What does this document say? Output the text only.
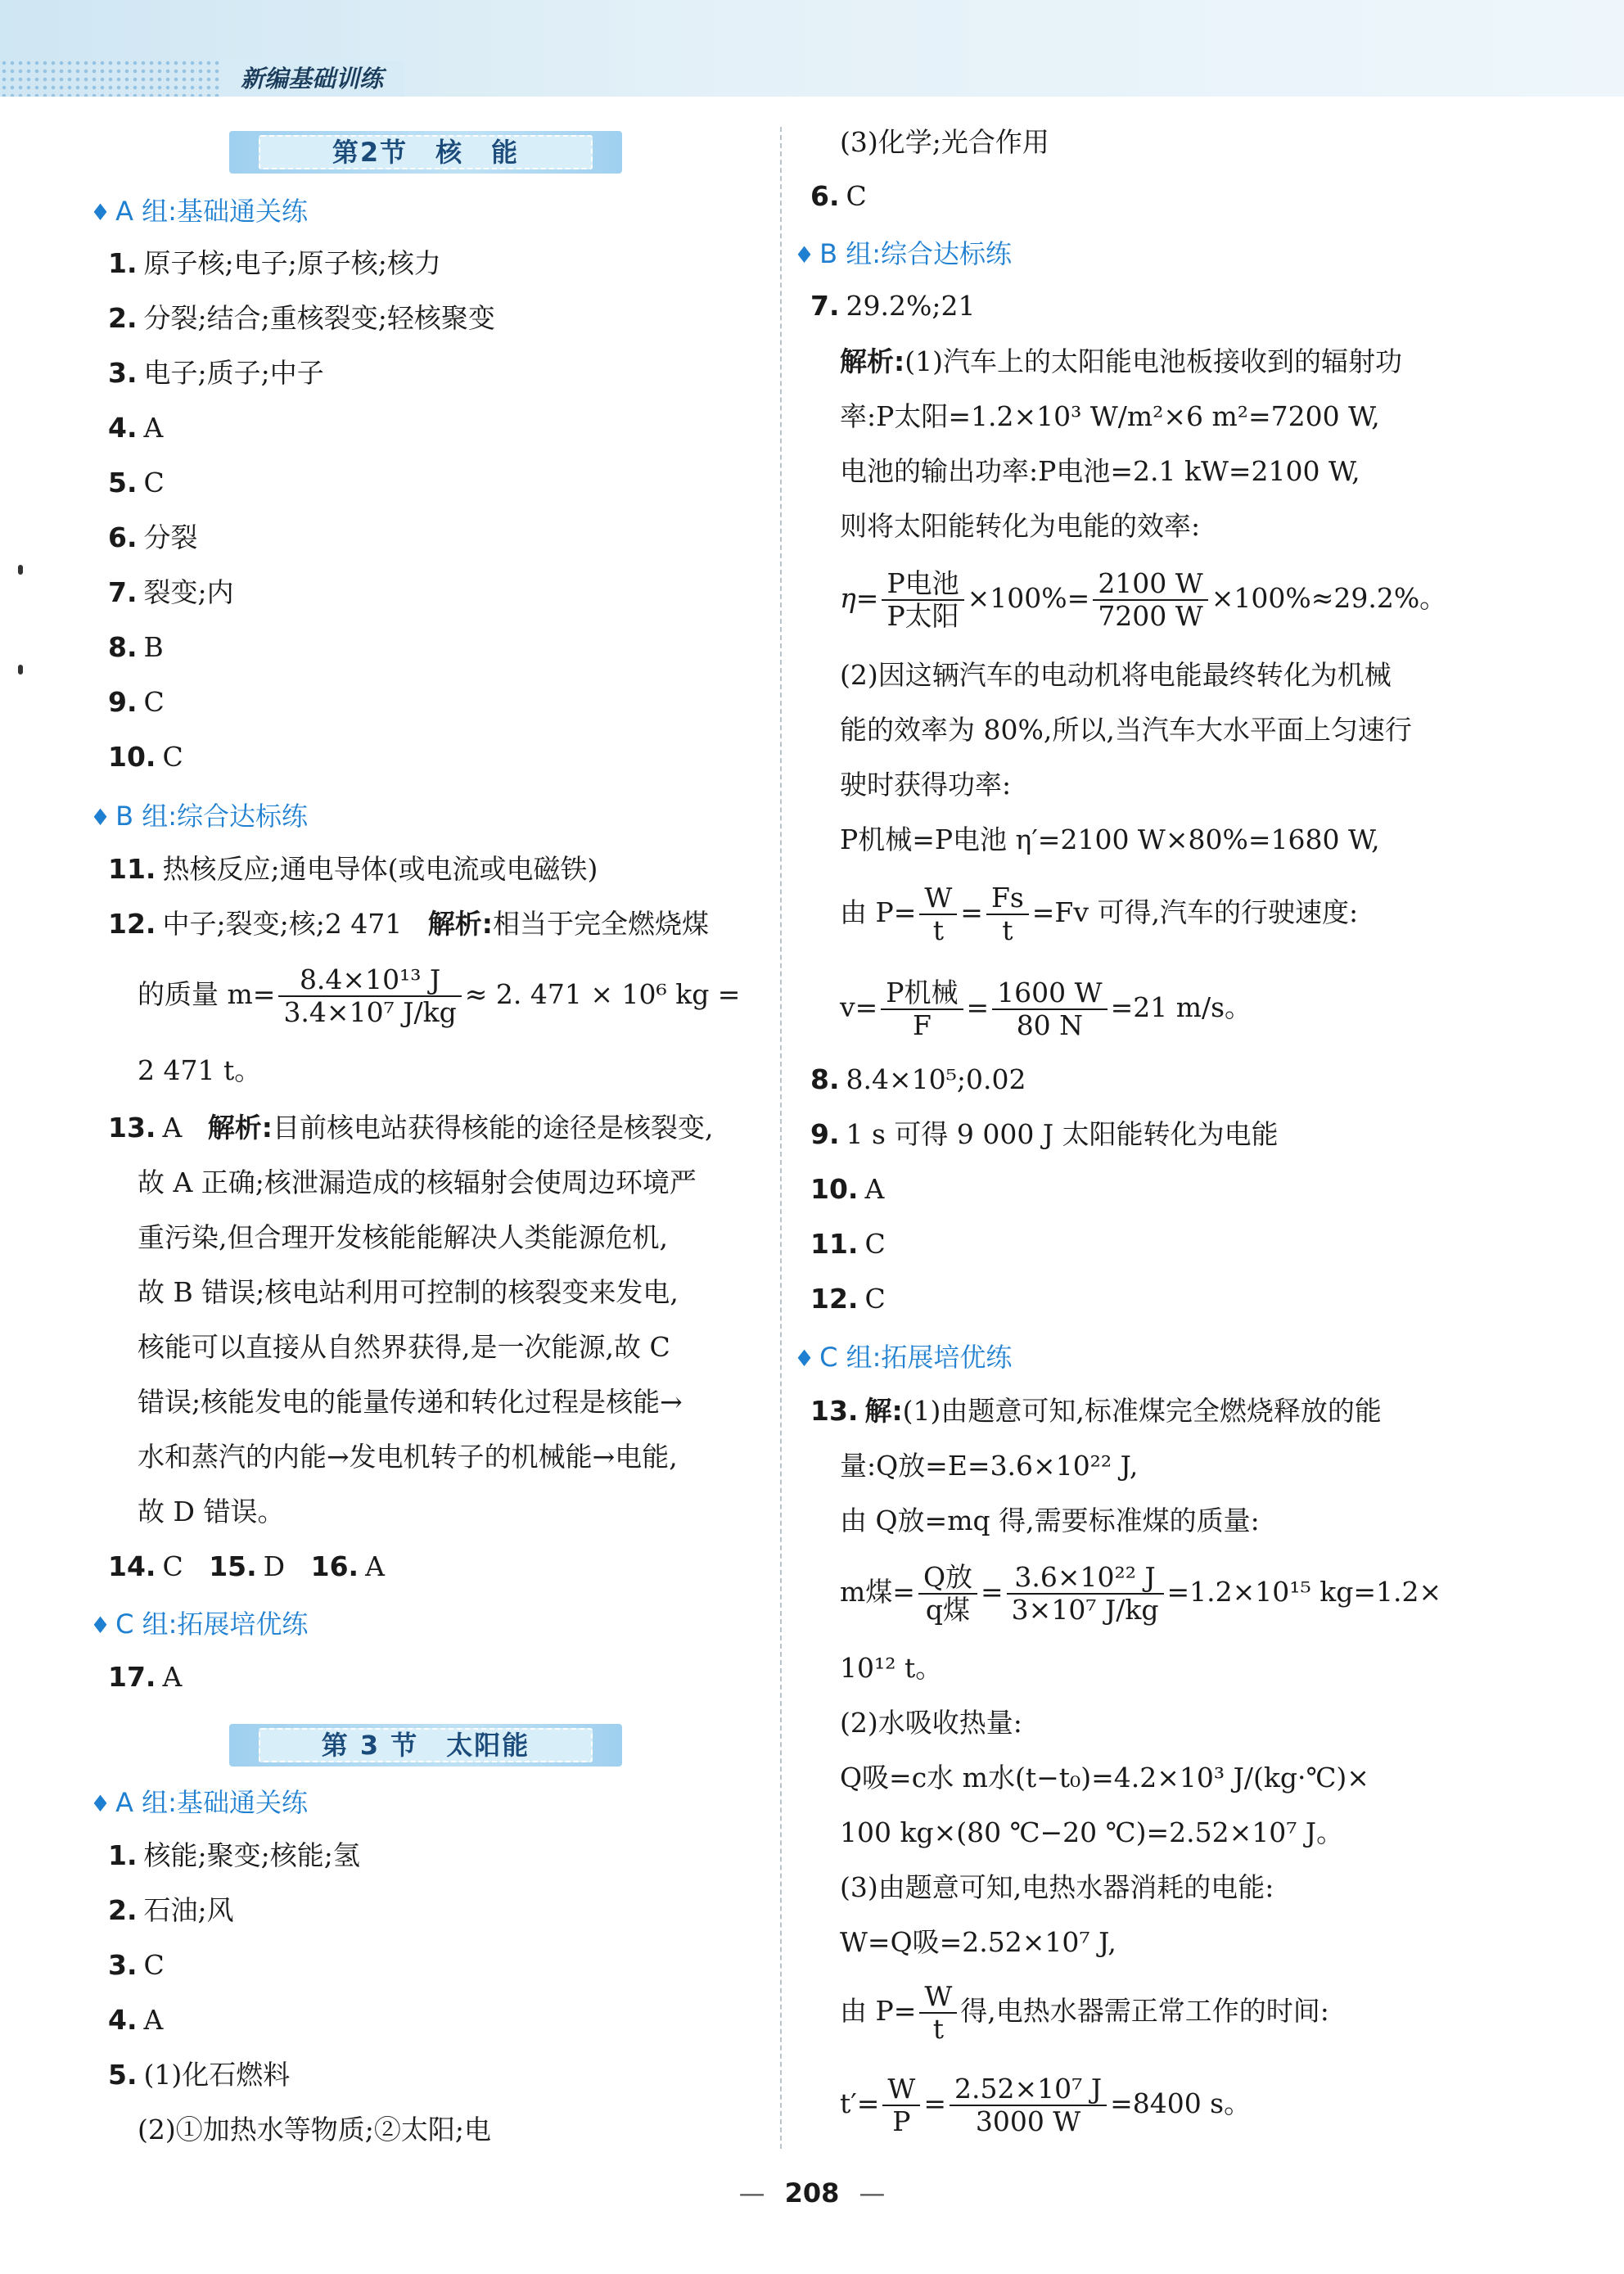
新编基础训练
第2节　核　能
♦ A 组:基础通关练
1. 原子核;电子;原子核;核力
2. 分裂;结合;重核裂变;轻核聚变
3. 电子;质子;中子
4. A
5. C
6. 分裂
7. 裂变;内
8. B
9. C
10. C
♦ B 组:综合达标练
11. 热核反应;通电导体(或电流或电磁铁)
12. 中子;裂变;核;2 471 解析:相当于完全燃烧煤
的质量 $m= \frac{\text{8.4×10¹³ J}}{\text{3.4×10⁷ J/kg}} \approx 2$. 471 × 10⁶ kg =
2 471 t。
13. A 解析:目前核电站获得核能的途径是核裂变,
故 A 正确;核泄漏造成的核辐射会使周边环境严
重污染,但合理开发核能能解决人类能源危机,
故 B 错误;核电站利用可控制的核裂变来发电,
核能可以直接从自然界获得,是一次能源,故 C
错误;核能发电的能量传递和转化过程是核能→
水和蒸汽的内能→发电机转子的机械能→电能,
故 D 错误。
14. C 15. D 16. A
♦ C 组:拓展培优练
17. A
第 3 节　太阳能
♦ A 组:基础通关练
1. 核能;聚变;核能;氢
2. 石油;风
3. C
4. A
5. (1)化石燃料
(2)①加热水等物质;②太阳;电
(3)化学;光合作用
6. C
♦ B 组:综合达标练
7. 29.2%;21
解析:(1)汽车上的太阳能电池板接收到的辐射功
率:P太阳=1.2×10³ W/m²×6 m²=7200 W,
电池的输出功率:P电池=2.1 kW=2100 W,
则将太阳能转化为电能的效率:
$\eta= \frac{\text{P电池}}{\text{P太阳}} \times 100\%= \frac{2100 W}{7200 W} \times 100\%\approx 29.2\%$。
(2)因这辆汽车的电动机将电能最终转化为机械
能的效率为 80%,所以,当汽车大水平面上匀速行
驶时获得功率:
P机械=P电池 η′=2100 W×80%=1680 W,
由 $P= \frac{W}{t} = \frac{Fs}{t} =Fv$ 可得,汽车的行驶速度:
$v= \frac{\text{P机械}}{F} = \frac{1600 W}{80 N} =21$ m/s。
8. 8.4×10⁵;0.02
9. 1 s 可得 9 000 J 太阳能转化为电能
10. A
11. C
12. C
♦ C 组:拓展培优练
13. 解:(1)由题意可知,标准煤完全燃烧释放的能
量:Q放=E=3.6×10²² J,
由 Q放=mq 得,需要标准煤的质量:
m煤= $\frac{\text{Q放}}{\text{q煤}} = \frac{\text{3.6×10²² J}}{\text{3×10⁷ J/kg}} =1.2\times 10^{15}$ kg=1.2×
10¹² t。
(2)水吸收热量:
Q吸=c水 m水(t−t₀)=4.2×10³ J/(kg·℃)×
100 kg×(80 ℃−20 ℃)=2.52×10⁷ J。
(3)由题意可知,电热水器消耗的电能:
W=Q吸=2.52×10⁷ J,
由 $P= \frac{W}{t}$ 得,电热水器需正常工作的时间:
$t'= \frac{W}{P} = \frac{\text{2.52×10⁷ J}}{3000 W} =8400$ s。
— 208 —
